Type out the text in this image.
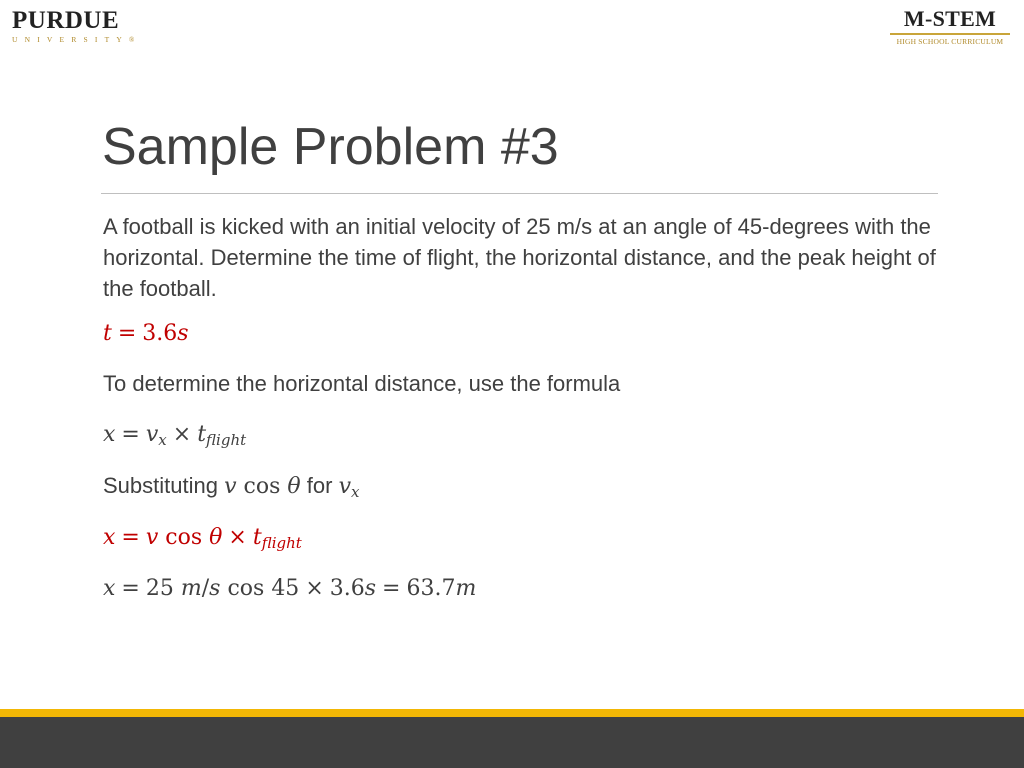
PURDUE
UNIVERSITY®
M-STEM
HIGH SCHOOL CURRICULUM
Sample Problem #3
A football is kicked with an initial velocity of 25 m/s at an angle of 45-degrees with the horizontal. Determine the time of flight, the horizontal distance, and the peak height of the football.
t = 3.6s
To determine the horizontal distance, use the formula
$x = v_x \times t_{flight}$
Substituting v cos θ for $v_x$
x = v $\cos \theta \times t_{flight}$
x = 25 m/s cos 45 × 3.6s = 63.7m
